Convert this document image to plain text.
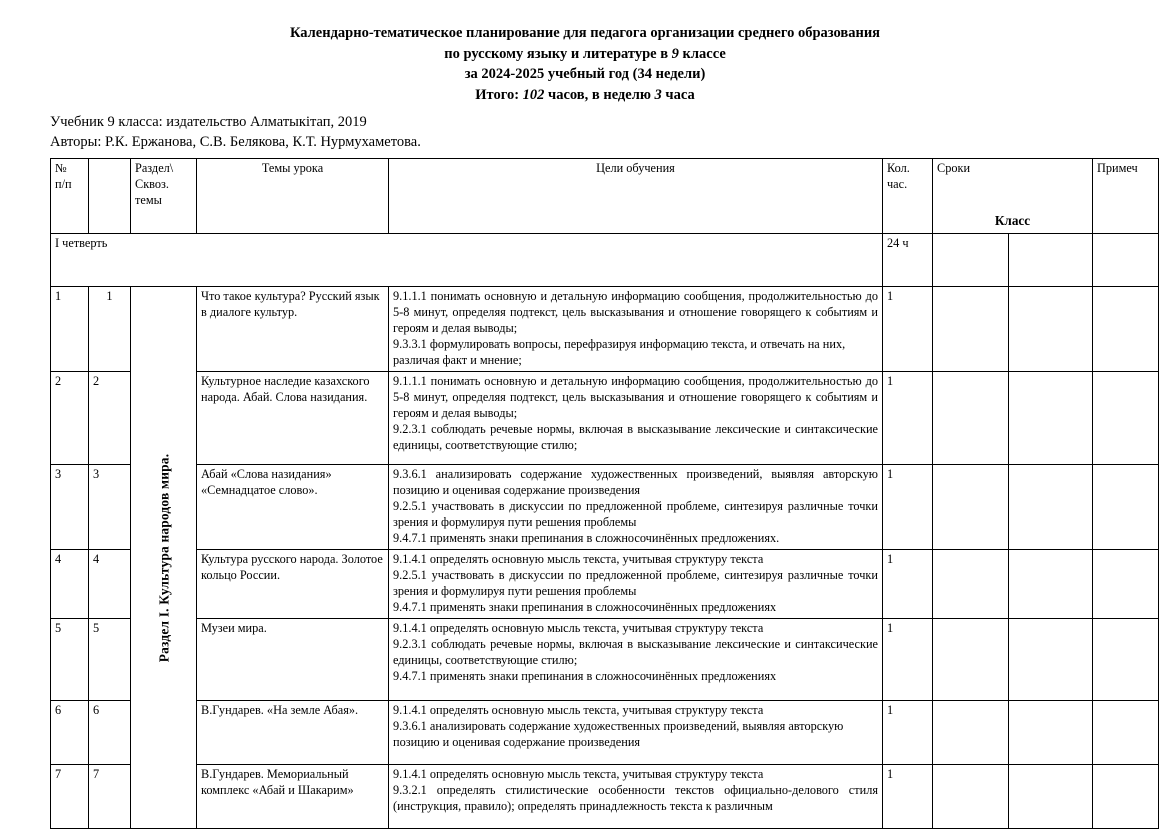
Календарно-тематическое планирование для педагога организации среднего образования
по русскому языку и литературе в 9 классе
за 2024-2025 учебный год (34 недели)
Итого: 102 часов, в неделю 3 часа
Учебник 9 класса: издательство Алматыкітап, 2019
Авторы: Р.К. Ержанова, С.В. Белякова, К.Т. Нурмухаметова.
№
п/п		Раздел\
Сквоз.
темы	Темы урока	Цели обучения	Кол.
час.	Сроки
Класс		Примеч
I четверть					24 ч			
1	1	Раздел I. Культура народов мира.	Что такое культура? Русский язык в диалоге культур.	9.1.1.1 понимать основную и детальную информацию сообщения, продолжительностью до 5-8 минут, определяя подтекст, цель высказывания и отношение говорящего к событиям и героям и делая выводы;

9.3.3.1 формулировать вопросы, перефразируя информацию текста, и отвечать на них, различая факт и мнение;	1			
2	2		Культурное наследие казахского народа. Абай. Слова назидания.	9.1.1.1 понимать основную и детальную информацию сообщения, продолжительностью до 5-8 минут, определяя подтекст, цель высказывания и отношение говорящего к событиям и героям и делая выводы;

9.2.3.1 соблюдать речевые нормы, включая в высказывание лексические и синтаксические единицы, соответствующие стилю;	1			
3	3		Абай «Слова назидания» «Семнадцатое слово».	9.3.6.1 анализировать содержание художественных произведений, выявляя авторскую позицию и оценивая содержание произведения

9.2.5.1 участвовать в дискуссии по предложенной проблеме, синтезируя различные точки зрения и формулируя пути решения проблемы

9.4.7.1 применять знаки препинания в сложносочинённых предложениях.	1			
4	4		Культура русского народа. Золотое кольцо России.	9.1.4.1 определять основную мысль текста, учитывая структуру текста

9.2.5.1 участвовать в дискуссии по предложенной проблеме, синтезируя различные точки зрения и формулируя пути решения проблемы

9.4.7.1 применять знаки препинания в сложносочинённых предложениях	1			
5	5		Музеи мира.	9.1.4.1 определять основную мысль текста, учитывая структуру текста

9.2.3.1 соблюдать речевые нормы, включая в высказывание лексические и синтаксические единицы, соответствующие стилю;

9.4.7.1 применять знаки препинания в сложносочинённых предложениях	1			
6	6		В.Гундарев. «На земле Абая».	9.1.4.1 определять основную мысль текста, учитывая структуру текста

9.3.6.1 анализировать содержание художественных произведений, выявляя авторскую позицию и оценивая содержание произведения	1			
7	7		В.Гундарев. Мемориальный комплекс «Абай и Шакарим»	9.1.4.1 определять основную мысль текста, учитывая структуру текста

9.3.2.1 определять стилистические особенности текстов официально-делового стиля (инструкция, правило); определять принадлежность текста к различным	1			
